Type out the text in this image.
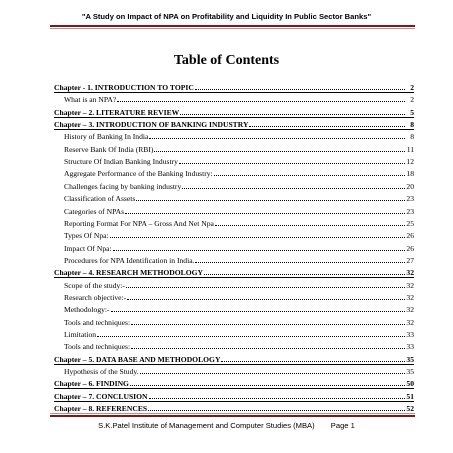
"A Study on Impact of NPA on Profitability and Liquidity In Public Sector Banks"
Table of Contents
Chapter - 1. INTRODUCTION TO TOPIC	2
What is an NPA?	2
Chapter – 2. LITERATURE REVIEW	5
Chapter – 3. INTRODUCTION OF BANKING INDUSTRY	8
History of Banking In India	8
Reserve Bank Of India (RBI)	11
Structure Of Indian Banking Industry	12
Aggregate Performance of the Banking Industry:	18
Challenges facing by banking industry	20
Classification of Assets	23
Categories of NPAs	23
Reporting Format For NPA – Gross And Net Npa	25
Types Of Npa:	26
Impact Of Npa:	26
Procedures for NPA Identification in India.	27
Chapter – 4. RESEARCH METHODOLOGY	32
Scope of the study:-	32
Research objective:-	32
Methodology:-	32
Tools and techniques:	32
Limitation	33
Tools and techniques:	33
Chapter – 5. DATA BASE AND METHODOLOGY	35
Hypothesis of the Study.	35
Chapter – 6. FINDING	50
Chapter – 7. CONCLUSION	51
Chapter – 8. REFERENCES	52
S.K.Patel Institute of Management and Computer Studies (MBA) Page 1
